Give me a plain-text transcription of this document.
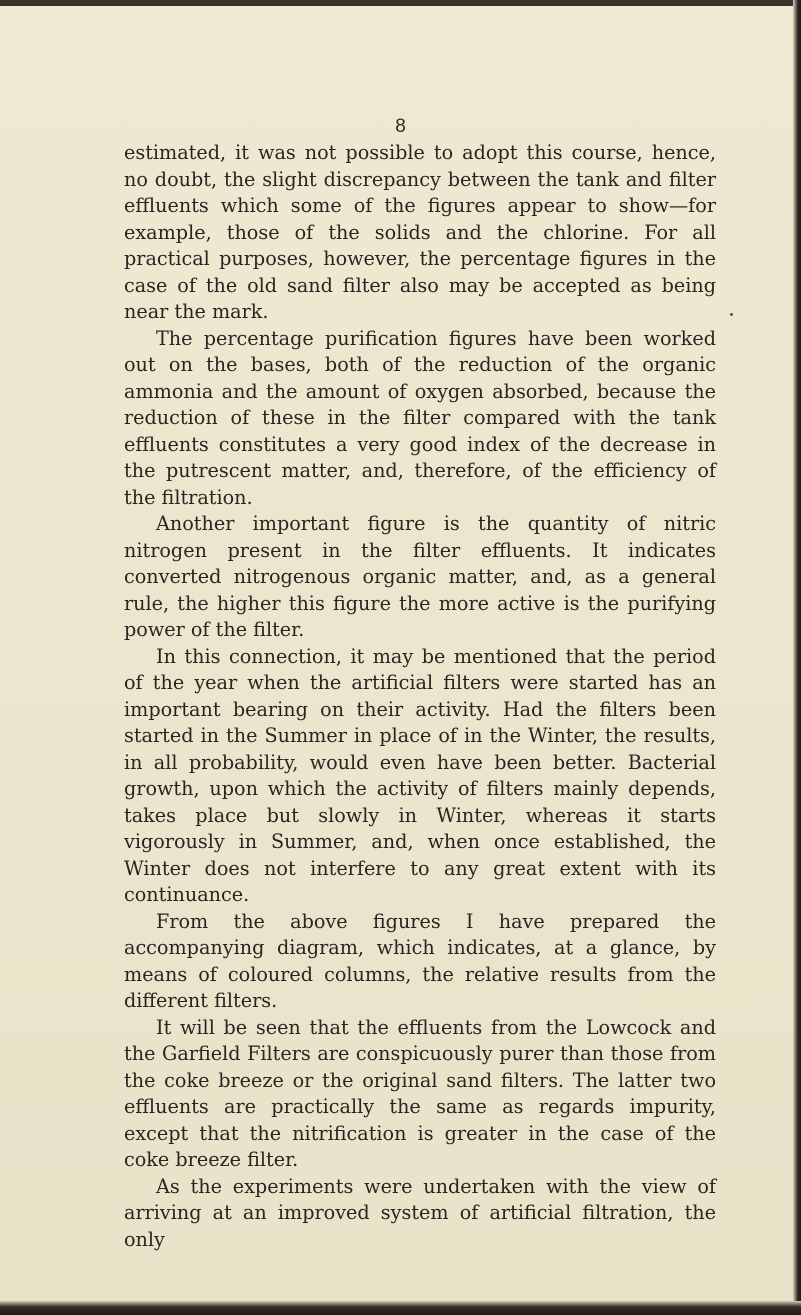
8

estimated, it was not possible to adopt this course, hence, no doubt, the slight discrepancy between the tank and filter effluents which some of the figures appear to show—for example, those of the solids and the chlorine. For all practical purposes, however, the percentage figures in the case of the old sand filter also may be accepted as being near the mark.

The percentage purification figures have been worked out on the bases, both of the reduction of the organic ammonia and the amount of oxygen absorbed, because the reduction of these in the filter compared with the tank effluents constitutes a very good index of the decrease in the putrescent matter, and, therefore, of the efficiency of the filtration.

Another important figure is the quantity of nitric nitrogen present in the filter effluents. It indicates converted nitrogenous organic matter, and, as a general rule, the higher this figure the more active is the purifying power of the filter.

In this connection, it may be mentioned that the period of the year when the artificial filters were started has an important bearing on their activity. Had the filters been started in the Summer in place of in the Winter, the results, in all probability, would even have been better. Bacterial growth, upon which the activity of filters mainly depends, takes place but slowly in Winter, whereas it starts vigorously in Summer, and, when once established, the Winter does not interfere to any great extent with its continuance.

From the above figures I have prepared the accompanying diagram, which indicates, at a glance, by means of coloured columns, the relative results from the different filters.

It will be seen that the effluents from the Lowcock and the Garfield Filters are conspicuously purer than those from the coke breeze or the original sand filters. The latter two effluents are practically the same as regards impurity, except that the nitrification is greater in the case of the coke breeze filter.

As the experiments were undertaken with the view of arriving at an improved system of artificial filtration, the only
